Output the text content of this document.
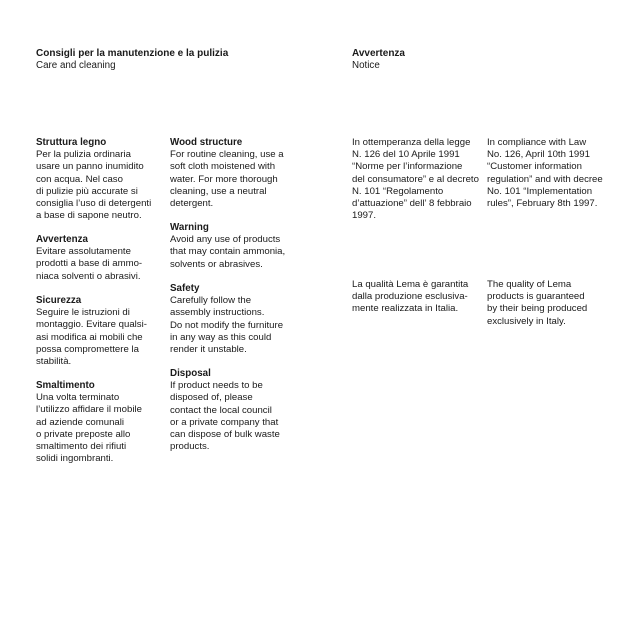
Consigli per la manutenzione e la pulizia
Care and cleaning
Avvertenza
Notice
Struttura legno
Per la pulizia ordinaria
usare un panno inumidito
con acqua. Nel caso
di pulizie più accurate si
consiglia l’uso di detergenti
a base di sapone neutro.
Avvertenza
Evitare assolutamente
prodotti a base di ammo-
niaca solventi o abrasivi.
Sicurezza
Seguire le istruzioni di
montaggio. Evitare qualsi-
asi modifica ai mobili che
possa compromettere la
stabilità.
Smaltimento
Una volta terminato
l’utilizzo affidare il mobile
ad aziende comunali
o private preposte allo
smaltimento dei rifiuti
solidi ingombranti.
Wood structure
For routine cleaning, use a
soft cloth moistened with
water. For more thorough
cleaning, use a neutral
detergent.
Warning
Avoid any use of products
that may contain ammonia,
solvents or abrasives.
Safety
Carefully follow the
assembly instructions.
Do not modify the furniture
in any way as this could
render it unstable.
Disposal
If product needs to be
disposed of, please
contact the local council
or a private company that
can dispose of bulk waste
products.
In ottemperanza della legge
N. 126 del 10 Aprile 1991
“Norme per l’informazione
del consumatore” e al decreto
N. 101 “Regolamento
d’attuazione” dell’ 8 febbraio
1997.
In compliance with Law
No. 126, April 10th 1991
“Customer information
regulation” and with decree
No. 101 “Implementation
rules”, February 8th 1997.
La qualità Lema è garantita
dalla produzione esclusiva-
mente realizzata in Italia.
The quality of Lema
products is guaranteed
by their being produced
exclusively in Italy.
